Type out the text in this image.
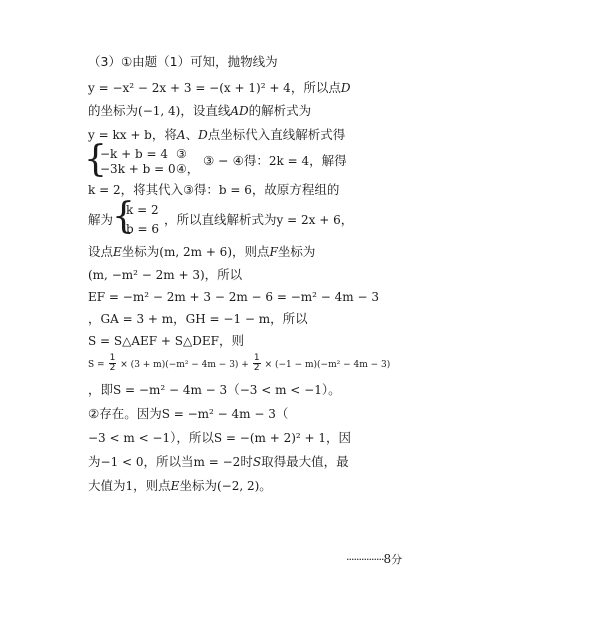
（3）①由题（1）可知，抛物线为
y = −x² − 2x + 3 = −(x + 1)² + 4，所以点D
的坐标为(−1, 4)，设直线AD的解析式为
y = kx + b，将A、D点坐标代入直线解析式得
{
−k + b = 4 ③
−3k + b = 0 ④，
③ − ④得：2k = 4，解得
k = 2，将其代入③得：b = 6，故原方程组的
解为
{
k = 2
b = 6
，所以直线解析式为y = 2x + 6，
设点E坐标为(m, 2m + 6)，则点F坐标为
(m, −m² − 2m + 3)，所以
EF = −m² − 2m + 3 − 2m − 6 = −m² − 4m − 3
，GA = 3 + m，GH = −1 − m，所以
S = S△AEF + S△DEF，则
$S = \frac{1}{2} \times (3 + m)(-m^2 - 4m - 3) + \frac{1}{2} \times (-1 - m)(-m^2 - 4m - 3)$
，即S = −m² − 4m − 3（−3 < m < −1）。
②存在。因为S = −m² − 4m − 3（
−3 < m < −1），所以S = −(m + 2)² + 1，因
为−1 < 0，所以当m = −2时S取得最大值，最
大值为1，则点E坐标为(−2, 2)。
···············8分
